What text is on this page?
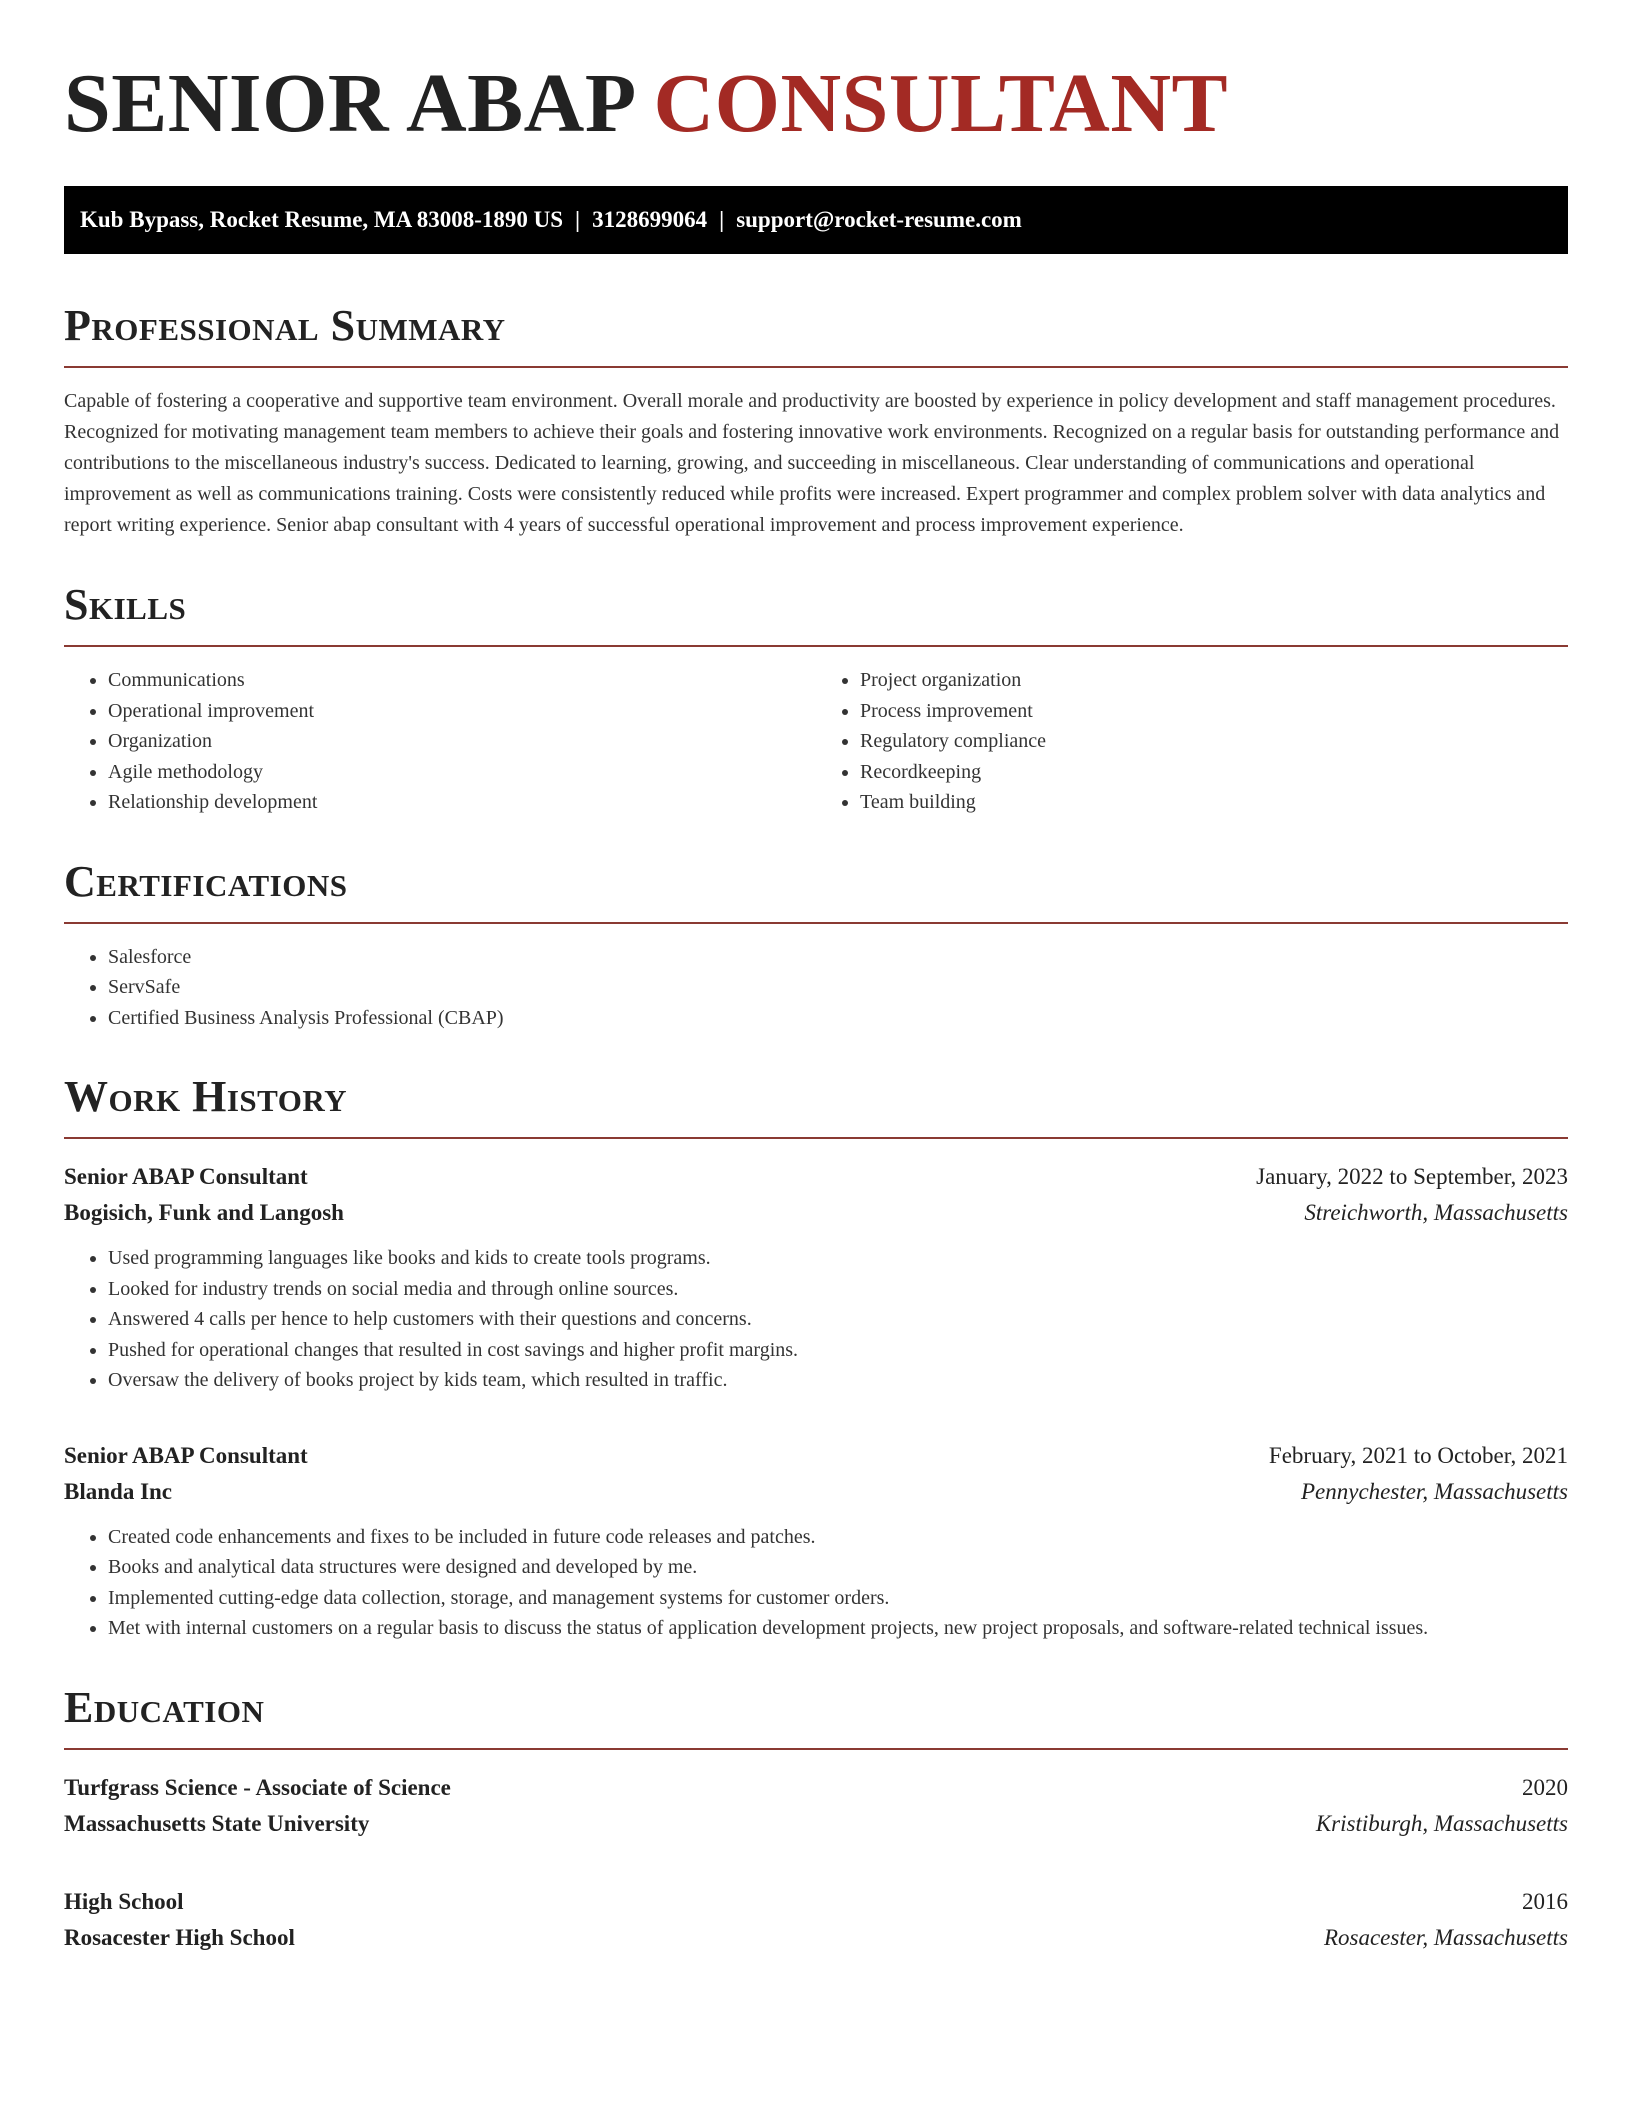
SENIOR ABAP CONSULTANT
Kub Bypass, Rocket Resume, MA 83008-1890 US | 3128699064 | support@rocket-resume.com
Professional Summary

Capable of fostering a cooperative and supportive team environment. Overall morale and productivity are boosted by experience in policy development and staff management procedures. Recognized for motivating management team members to achieve their goals and fostering innovative work environments. Recognized on a regular basis for outstanding performance and contributions to the miscellaneous industry's success. Dedicated to learning, growing, and succeeding in miscellaneous. Clear understanding of communications and operational improvement as well as communications training. Costs were consistently reduced while profits were increased. Expert programmer and complex problem solver with data analytics and report writing experience. Senior abap consultant with 4 years of successful operational improvement and process improvement experience.

Skills
• Communications
• Operational improvement
• Organization
• Agile methodology
• Relationship development
• Project organization
• Process improvement
• Regulatory compliance
• Recordkeeping
• Team building
Certifications
• Salesforce
• ServSafe
• Certified Business Analysis Professional (CBAP)
Work History
Senior ABAP Consultant	January, 2022 to September, 2023
Bogisich, Funk and Langosh	Streichworth, Massachusetts
• Used programming languages like books and kids to create tools programs.
• Looked for industry trends on social media and through online sources.
• Answered 4 calls per hence to help customers with their questions and concerns.
• Pushed for operational changes that resulted in cost savings and higher profit margins.
• Oversaw the delivery of books project by kids team, which resulted in traffic.
Senior ABAP Consultant	February, 2021 to October, 2021
Blanda Inc	Pennychester, Massachusetts
• Created code enhancements and fixes to be included in future code releases and patches.
• Books and analytical data structures were designed and developed by me.
• Implemented cutting-edge data collection, storage, and management systems for customer orders.
• Met with internal customers on a regular basis to discuss the status of application development projects, new project proposals, and software-related technical issues.
Education
Turfgrass Science - Associate of Science	2020
Massachusetts State University	Kristiburgh, Massachusetts
High School	2016
Rosacester High School	Rosacester, Massachusetts
